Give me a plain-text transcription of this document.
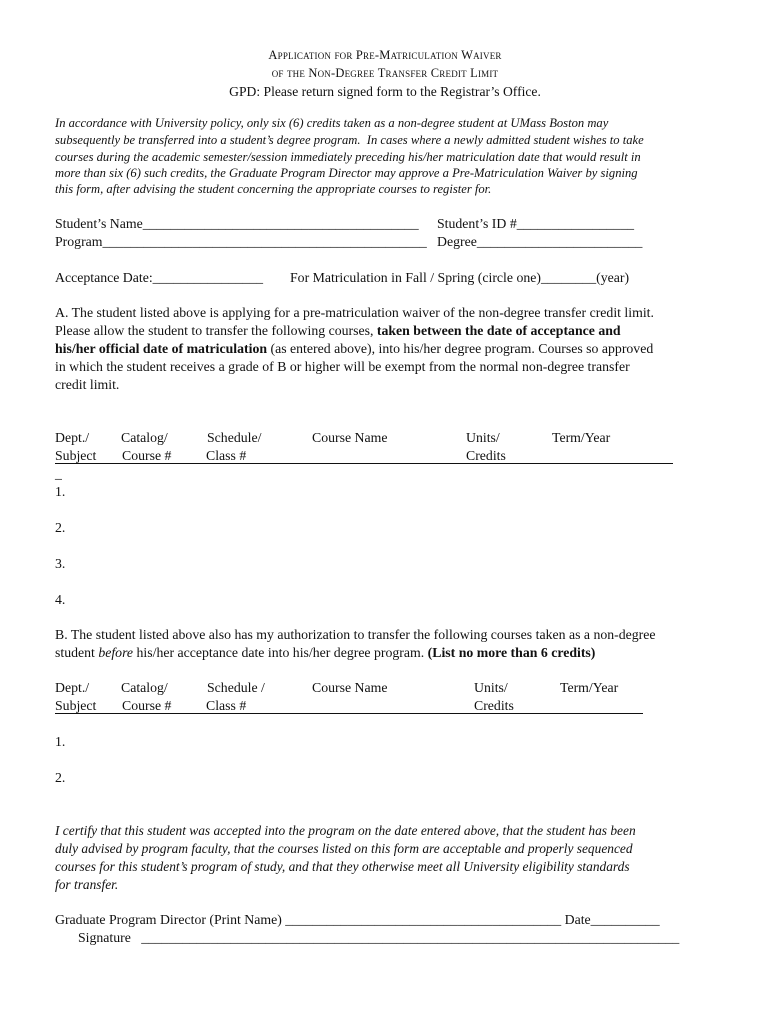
Application for Pre-Matriculation Waiver
of the Non-Degree Transfer Credit Limit
GPD: Please return signed form to the Registrar’s Office.
In accordance with University policy, only six (6) credits taken as a non-degree student at UMass Boston may
subsequently be transferred into a student’s degree program.  In cases where a newly admitted student wishes to take
courses during the academic semester/session immediately preceding his/her matriculation date that would result in
more than six (6) such credits, the Graduate Program Director may approve a Pre-Matriculation Waiver by signing
this form, after advising the student concerning the appropriate courses to register for.
Student’s Name________________________________________ Student’s ID #_________________
Program_______________________________________________ Degree________________________
Acceptance Date:________________ For Matriculation in Fall / Spring (circle one)________(year)
A. The student listed above is applying for a pre-matriculation waiver of the non-degree transfer credit limit.
Please allow the student to transfer the following courses, taken between the date of acceptance and
his/her official date of matriculation (as entered above), into his/her degree program. Courses so approved
in which the student receives a grade of B or higher will be exempt from the normal non-degree transfer
credit limit.
Dept./
Subject
Catalog/
Course #
Schedule/
Class #
Course Name	Units/
Credits
Term/Year
_
1.
2.
3.
4.
B. The student listed above also has my authorization to transfer the following courses taken as a non-degree
student before his/her acceptance date into his/her degree program. (List no more than 6 credits)
Dept./
Subject
Catalog/
Course #
Schedule /
Class #
Course Name	Units/
Credits
Term/Year
1.
2.
I certify that this student was accepted into the program on the date entered above, that the student has been
duly advised by program faculty, that the courses listed on this form are acceptable and properly sequenced
courses for this student’s program of study, and that they otherwise meet all University eligibility standards
for transfer.
Graduate Program Director (Print Name) ________________________________________ Date__________
Signature   ______________________________________________________________________________
